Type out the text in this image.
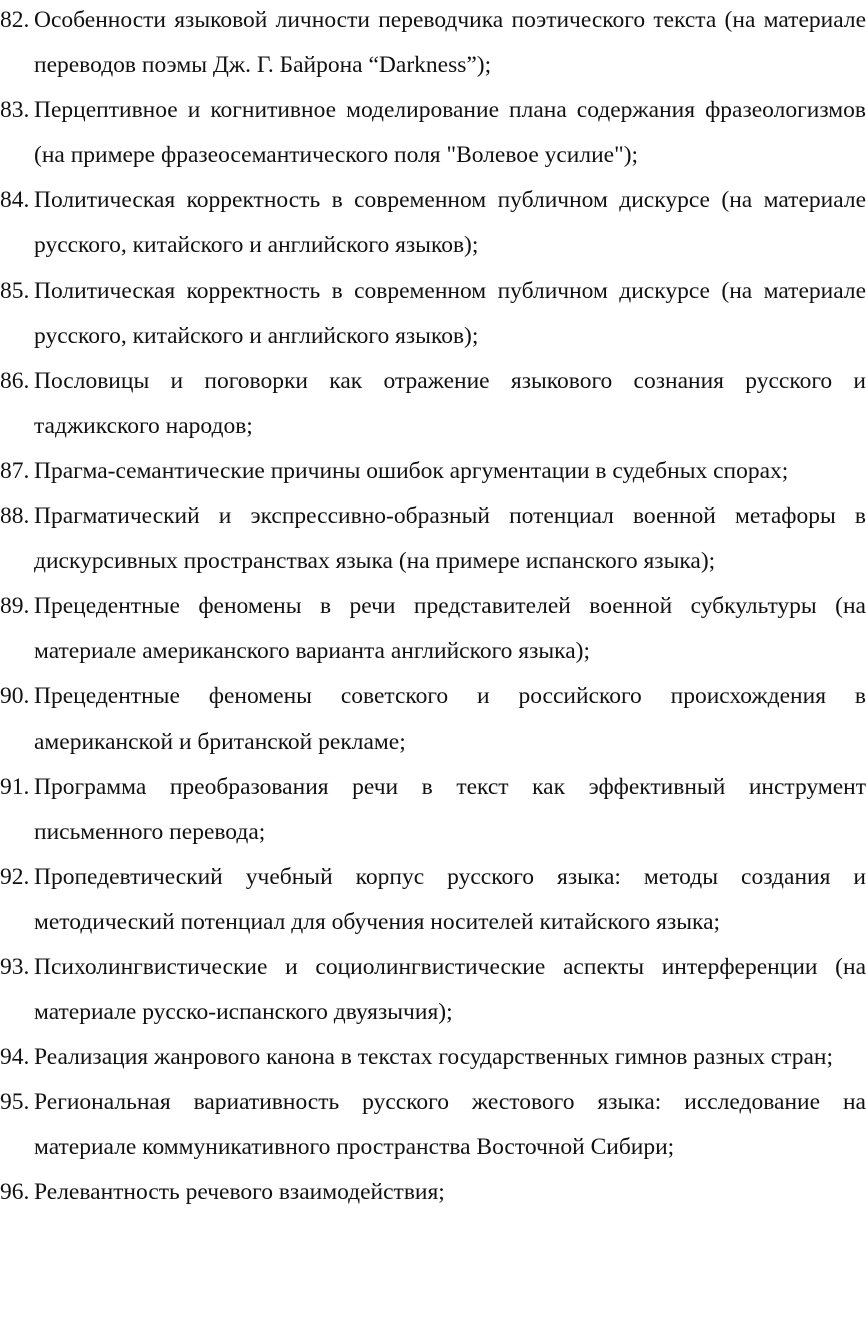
82. Особенности языковой личности переводчика поэтического текста (на материале переводов поэмы Дж. Г. Байрона “Darkness”);
83. Перцептивное и когнитивное моделирование плана содержания фразеологизмов (на примере фразеосемантического поля "Волевое усилие");
84. Политическая корректность в современном публичном дискурсе (на материале русского, китайского и английского языков);
85. Политическая корректность в современном публичном дискурсе (на материале русского, китайского и английского языков);
86. Пословицы и поговорки как отражение языкового сознания русского и таджикского народов;
87. Прагма-семантические причины ошибок аргументации в судебных спорах;
88. Прагматический и экспрессивно-образный потенциал военной метафоры в дискурсивных пространствах языка (на примере испанского языка);
89. Прецедентные феномены в речи представителей военной субкультуры (на материале американского варианта английского языка);
90. Прецедентные феномены советского и российского происхождения в американской и британской рекламе;
91. Программа преобразования речи в текст как эффективный инструмент письменного перевода;
92. Пропедевтический учебный корпус русского языка: методы создания и методический потенциал для обучения носителей китайского языка;
93. Психолингвистические и социолингвистические аспекты интерференции (на материале русско-испанского двуязычия);
94. Реализация жанрового канона в текстах государственных гимнов разных стран;
95. Региональная вариативность русского жестового языка: исследование на материале коммуникативного пространства Восточной Сибири;
96. Релевантность речевого взаимодействия;
